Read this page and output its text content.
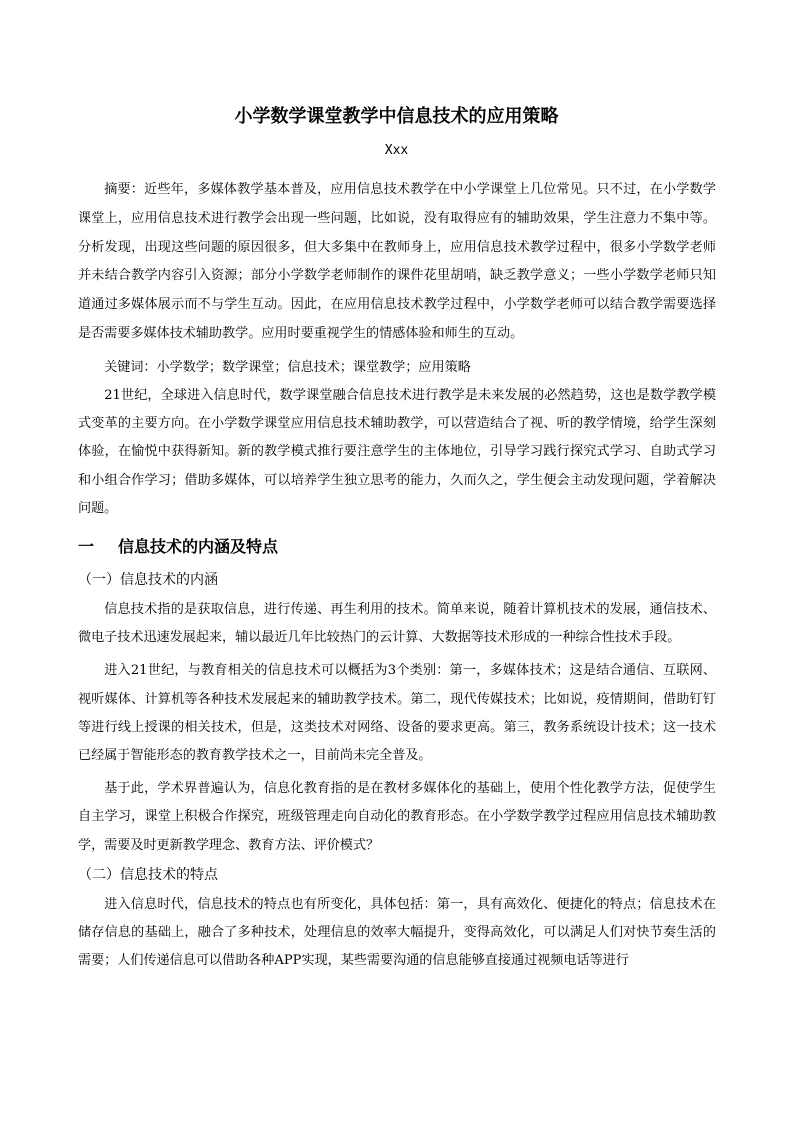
小学数学课堂教学中信息技术的应用策略
Xxx

摘要：近些年，多媒体教学基本普及，应用信息技术教学在中小学课堂上几位常见。只不过，在小学数学课堂上，应用信息技术进行教学会出现一些问题，比如说，没有取得应有的辅助效果，学生注意力不集中等。分析发现，出现这些问题的原因很多，但大多集中在教师身上，应用信息技术教学过程中，很多小学数学老师并未结合教学内容引入资源；部分小学数学老师制作的课件花里胡哨，缺乏教学意义；一些小学数学老师只知道通过多媒体展示而不与学生互动。因此，在应用信息技术教学过程中，小学数学老师可以结合教学需要选择是否需要多媒体技术辅助教学。应用时要重视学生的情感体验和师生的互动。

关键词：小学数学；数学课堂；信息技术；课堂教学；应用策略

21世纪，全球进入信息时代，数学课堂融合信息技术进行教学是未来发展的必然趋势，这也是数学教学模式变革的主要方向。在小学数学课堂应用信息技术辅助教学，可以营造结合了视、听的教学情境，给学生深刻体验，在愉悦中获得新知。新的教学模式推行要注意学生的主体地位，引导学习践行探究式学习、自助式学习和小组合作学习；借助多媒体，可以培养学生独立思考的能力，久而久之，学生便会主动发现问题，学着解决问题。

一 信息技术的内涵及特点
（一）信息技术的内涵

信息技术指的是获取信息，进行传递、再生利用的技术。简单来说，随着计算机技术的发展，通信技术、微电子技术迅速发展起来，辅以最近几年比较热门的云计算、大数据等技术形成的一种综合性技术手段。

进入21世纪，与教育相关的信息技术可以概括为3个类别：第一，多媒体技术；这是结合通信、互联网、视听媒体、计算机等各种技术发展起来的辅助教学技术。第二，现代传媒技术；比如说，疫情期间，借助钉钉等进行线上授课的相关技术，但是，这类技术对网络、设备的要求更高。第三，教务系统设计技术；这一技术已经属于智能形态的教育教学技术之一，目前尚未完全普及。

基于此，学术界普遍认为，信息化教育指的是在教材多媒体化的基础上，使用个性化教学方法，促使学生自主学习，课堂上积极合作探究，班级管理走向自动化的教育形态。在小学数学教学过程应用信息技术辅助教学，需要及时更新教学理念、教育方法、评价模式？

（二）信息技术的特点

进入信息时代，信息技术的特点也有所变化，具体包括：第一，具有高效化、便捷化的特点；信息技术在储存信息的基础上，融合了多种技术，处理信息的效率大幅提升，变得高效化，可以满足人们对快节奏生活的需要；人们传递信息可以借助各种APP实现，某些需要沟通的信息能够直接通过视频电话等进行
